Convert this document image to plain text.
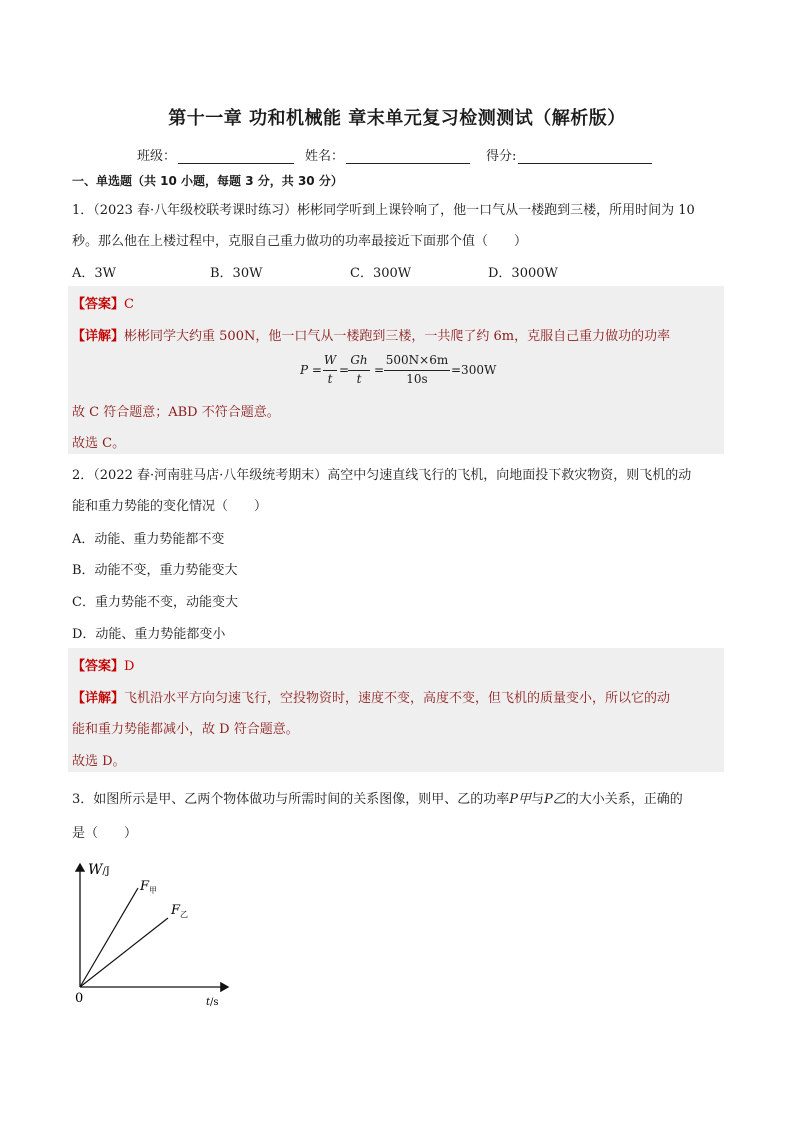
第十一章 功和机械能 章末单元复习检测测试（解析版）
班级：	姓名：	得分:
一、单选题（共 10 小题，每题 3 分，共 30 分）
1．（2023 春·八年级校联考课时练习）彬彬同学听到上课铃响了，他一口气从一楼跑到三楼，所用时间为 10
秒。那么他在上楼过程中，克服自己重力做功的功率最接近下面那个值（　　）
A．3W	B．30W	C．300W	D．3000W
【答案】C
【详解】彬彬同学大约重 500N，他一口气从一楼跑到三楼，一共爬了约 6m，克服自己重力做功的功率
P =
W
t
=
Gh
t
=
500N×6m
10s
=300W
故 C 符合题意；ABD 不符合题意。
故选 C。
2．（2022 春·河南驻马店·八年级统考期末）高空中匀速直线飞行的飞机，向地面投下救灾物资，则飞机的动
能和重力势能的变化情况（　　）
A．动能、重力势能都不变
B．动能不变，重力势能变大
C．重力势能不变，动能变大
D．动能、重力势能都变小
【答案】D
【详解】飞机沿水平方向匀速飞行，空投物资时，速度不变，高度不变，但飞机的质量变小，所以它的动
能和重力势能都减小，故 D 符合题意。
故选 D。
3．如图所示是甲、乙两个物体做功与所需时间的关系图像，则甲、乙的功率P甲与P乙的大小关系，正确的
是（　　）
W/J
$F_甲$
$F_乙$
0	t/s
